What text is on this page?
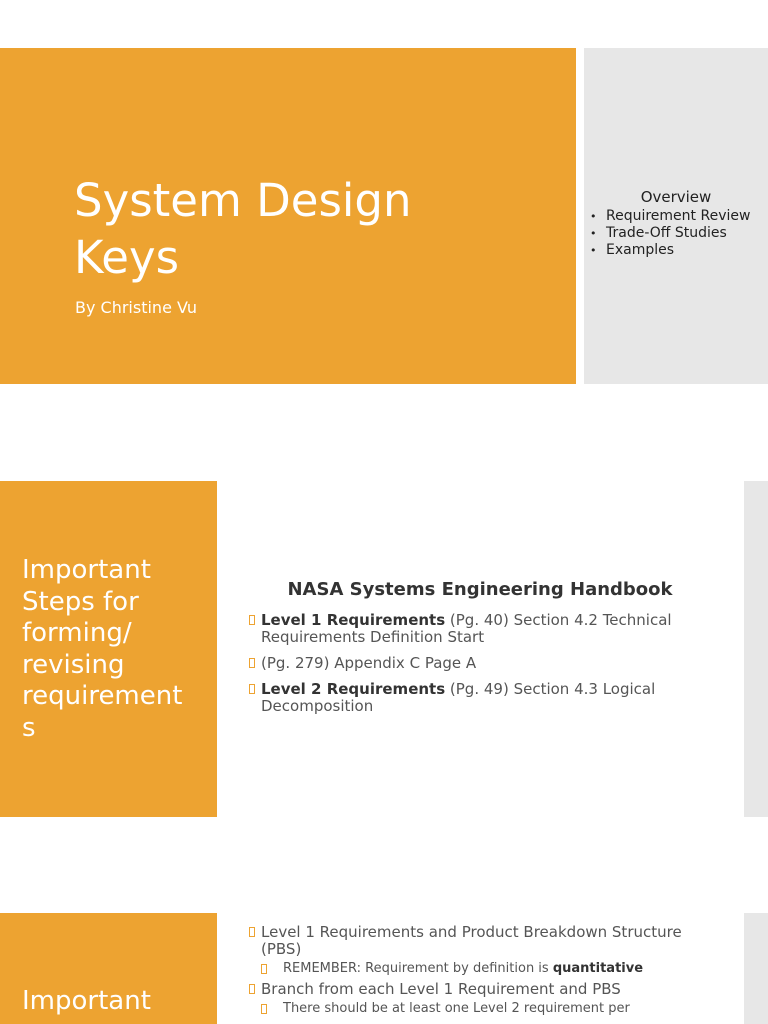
System Design
Keys
By Christine Vu
Overview
• Requirement Review
• Trade-Off Studies
• Examples
Important
Steps for
forming/
revising
requirement
s
NASA Systems Engineering Handbook
Level 1 Requirements (Pg. 40) Section 4.2 Technical Requirements Definition Start
(Pg. 279) Appendix C Page A
Level 2 Requirements (Pg. 49) Section 4.3 Logical Decomposition
Important
Level 1 Requirements and Product Breakdown Structure (PBS)
REMEMBER: Requirement by definition is quantitative
Branch from each Level 1 Requirement and PBS
There should be at least one Level 2 requirement per
